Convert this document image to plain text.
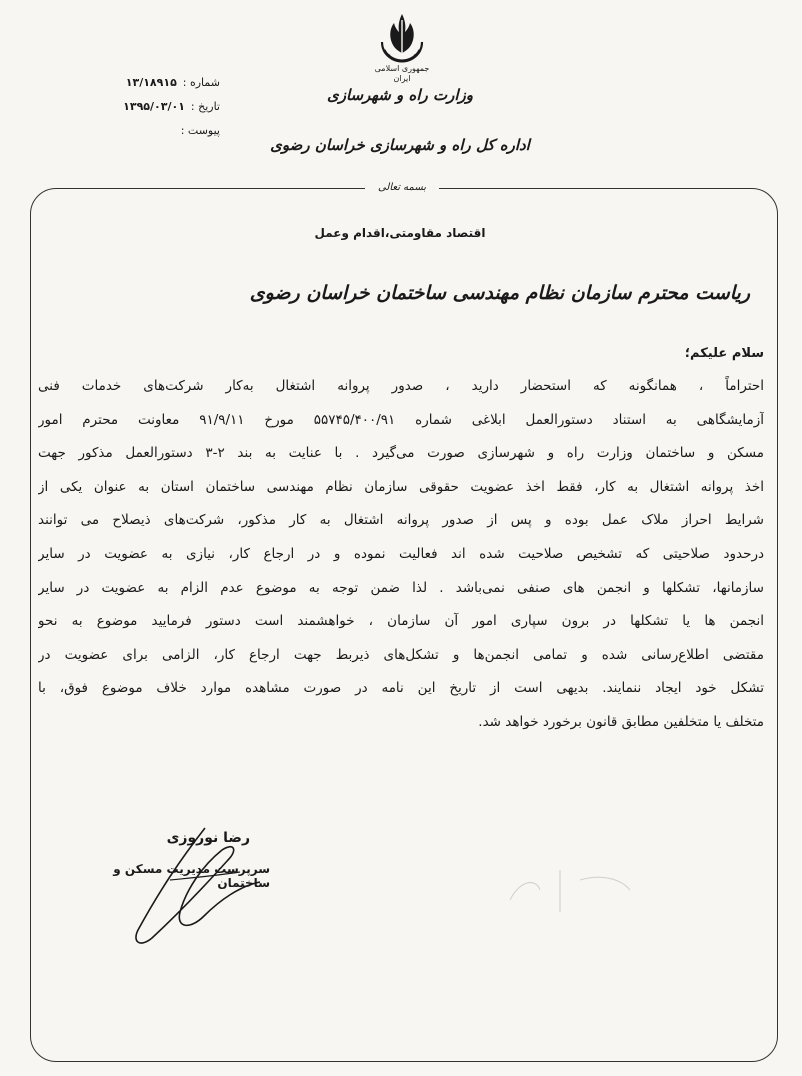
جمهوری اسلامی ایران
وزارت راه و شهرسازی
اداره کل راه و شهرسازی خراسان رضوی
شماره :
۱۳/۱۸۹۱۵
تاریخ :
۱۳۹۵/۰۳/۰۱
پیوست :
بسمه تعالی
اقتصاد مقاومتی،اقدام وعمل
ریاست محترم سازمان نظام مهندسی ساختمان خراسان رضوی
سلام علیکم؛
احتراماً ، همانگونه که استحضار دارید ، صدور پروانه اشتغال به‌کار شرکت‌های خدمات فنی
آزمایشگاهی به استناد دستورالعمل ابلاغی شماره ۵۵۷۴۵/۴۰۰/۹۱ مورخ ۹۱/۹/۱۱ معاونت محترم امور
مسکن و ساختمان وزارت راه و شهرسازی صورت می‌گیرد . با عنایت به بند ۲-۳ دستورالعمل مذکور جهت
اخذ پروانه اشتغال به کار، فقط اخذ عضویت حقوقی سازمان نظام مهندسی ساختمان استان به عنوان یکی از
شرایط احراز ملاک عمل بوده و پس از صدور پروانه اشتغال به کار مذکور، شرکت‌های ذیصلاح می توانند
درحدود صلاحیتی که تشخیص صلاحیت شده اند فعالیت نموده و در ارجاع کار، نیازی به عضویت در سایر
سازمانها، تشکلها و انجمن های صنفی نمی‌باشد . لذا ضمن توجه به موضوع عدم الزام به عضویت در سایر
انجمن ها یا تشکلها در برون سپاری امور آن سازمان ، خواهشمند است دستور فرمایید موضوع به نحو
مقتضی اطلاع‌رسانی شده و تمامی انجمن‌ها و تشکل‌های ذیربط جهت ارجاع کار، الزامی برای عضویت در
تشکل خود ایجاد ننمایند. بدیهی است از تاریخ این نامه در صورت مشاهده موارد خلاف موضوع فوق، با
متخلف یا متخلفین مطابق قانون برخورد خواهد شد.
رضا نوروزی
سرپرست مدیریت مسکن و ساختمان
